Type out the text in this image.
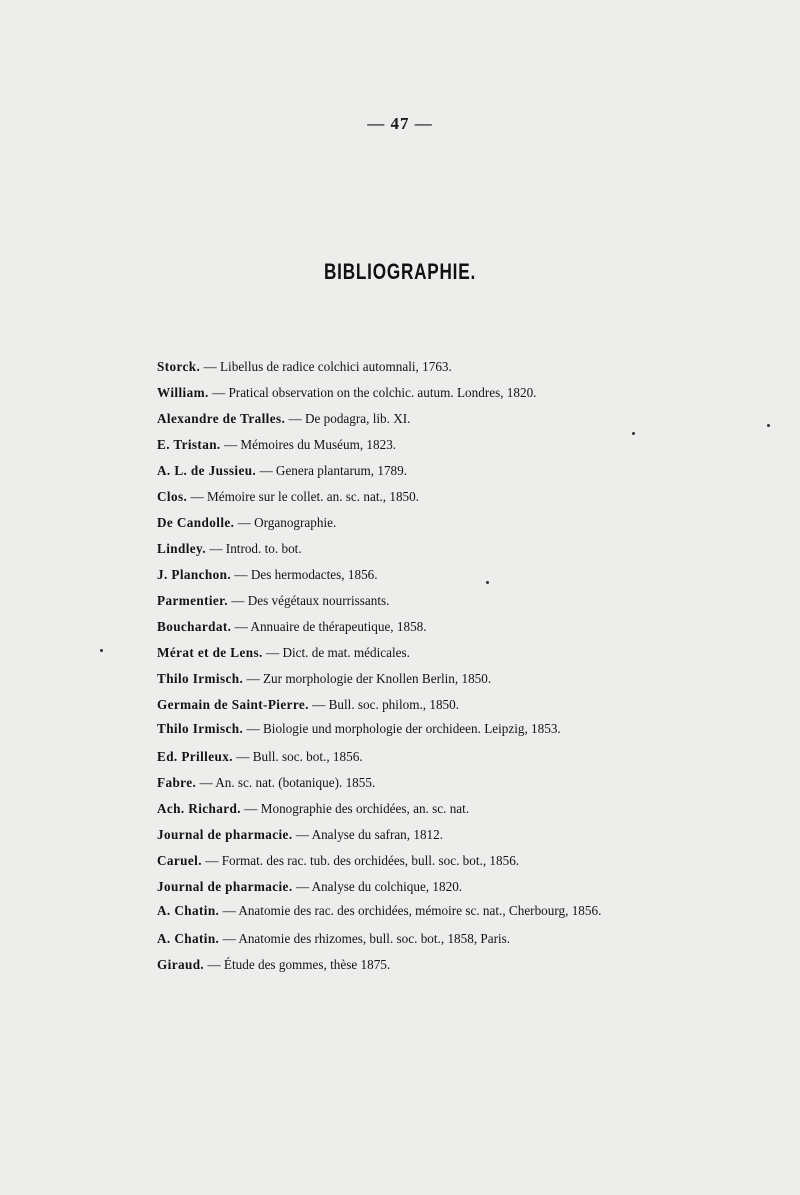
— 47 —
BIBLIOGRAPHIE.
Storck. — Libellus de radice colchici automnali, 1763.
William. — Pratical observation on the colchic. autum. Londres, 1820.
Alexandre de Tralles. — De podagra, lib. XI.
E. Tristan. — Mémoires du Muséum, 1823.
A. L. de Jussieu. — Genera plantarum, 1789.
Clos. — Mémoire sur le collet. an. sc. nat., 1850.
De Candolle. — Organographie.
Lindley. — Introd. to. bot.
J. Planchon. — Des hermodactes, 1856.
Parmentier. — Des végétaux nourrissants.
Bouchardat. — Annuaire de thérapeutique, 1858.
Mérat et de Lens. — Dict. de mat. médicales.
Thilo Irmisch. — Zur morphologie der Knollen Berlin, 1850.
Germain de Saint-Pierre. — Bull. soc. philom., 1850.
Thilo Irmisch. — Biologie und morphologie der orchideen. Leipzig, 1853.
Ed. Prilleux. — Bull. soc. bot., 1856.
Fabre. — An. sc. nat. (botanique). 1855.
Ach. Richard. — Monographie des orchidées, an. sc. nat.
Journal de pharmacie. — Analyse du safran, 1812.
Caruel. — Format. des rac. tub. des orchidées, bull. soc. bot., 1856.
Journal de pharmacie. — Analyse du colchique, 1820.
A. Chatin. — Anatomie des rac. des orchidées, mémoire sc. nat., Cherbourg, 1856.
A. Chatin. — Anatomie des rhizomes, bull. soc. bot., 1858, Paris.
Giraud. — Étude des gommes, thèse 1875.
